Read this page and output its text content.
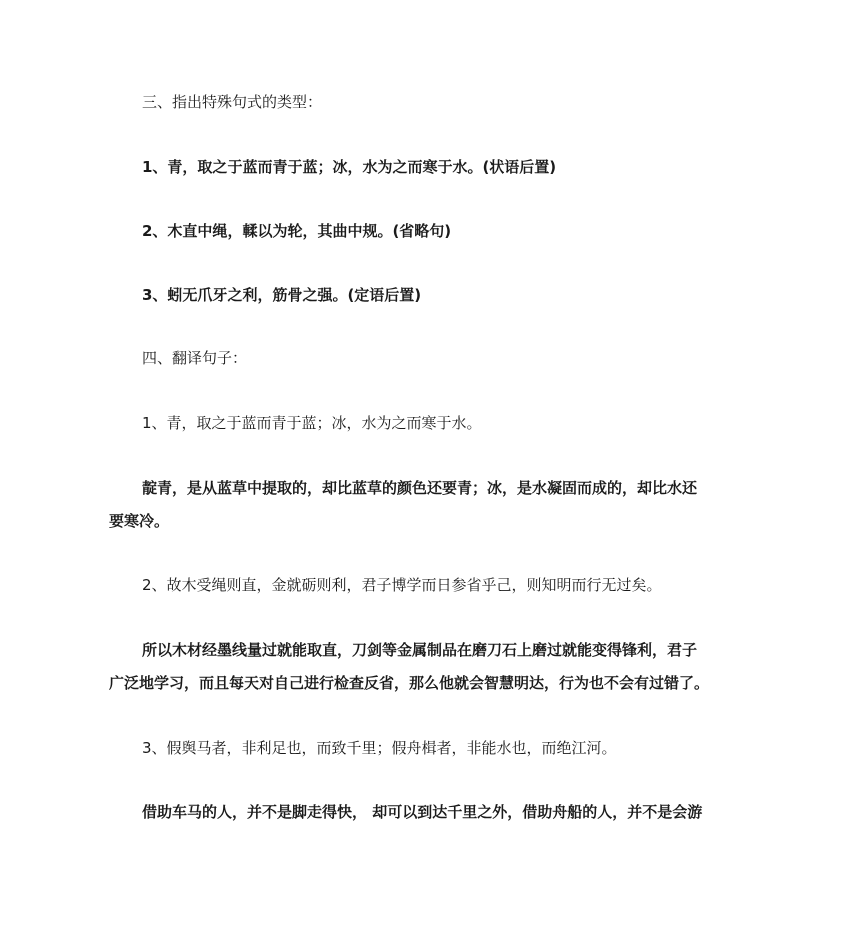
三、指出特殊句式的类型：

1、青，取之于蓝而青于蓝；冰，水为之而寒于水。(状语后置)

2、木直中绳，輮以为轮，其曲中规。(省略句)

3、蚓无爪牙之利，筋骨之强。(定语后置)

四、翻译句子：

1、青，取之于蓝而青于蓝；冰，水为之而寒于水。

靛青，是从蓝草中提取的，却比蓝草的颜色还要青；冰，是水凝固而成的，却比水还

要寒冷。

2、故木受绳则直，金就砺则利，君子博学而日参省乎己，则知明而行无过矣。

所以木材经墨线量过就能取直，刀剑等金属制品在磨刀石上磨过就能变得锋利，君子

广泛地学习，而且每天对自己进行检查反省，那么他就会智慧明达，行为也不会有过错了。

3、假舆马者，非利足也，而致千里；假舟楫者，非能水也，而绝江河。

借助车马的人，并不是脚走得快， 却可以到达千里之外，借助舟船的人，并不是会游
